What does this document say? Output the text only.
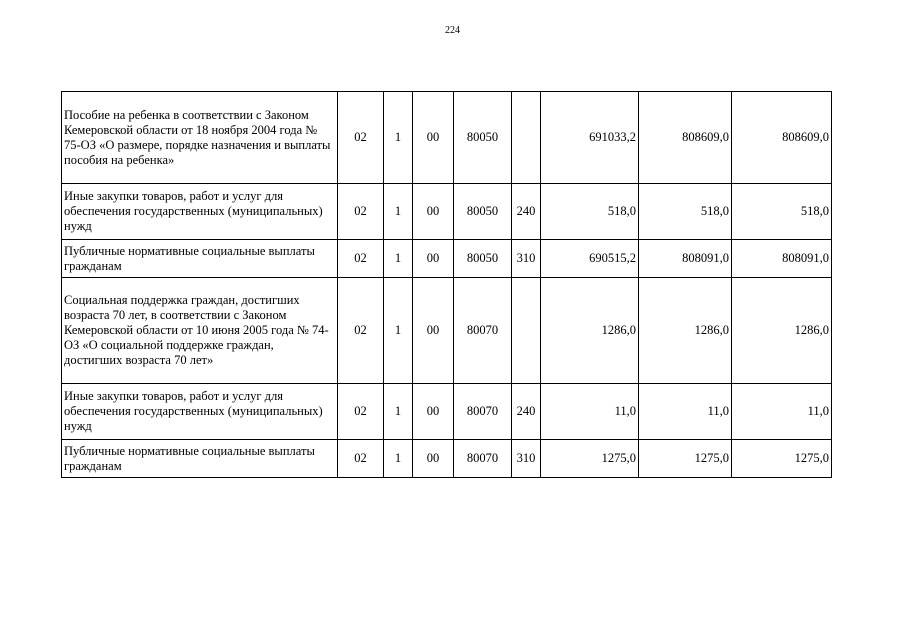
224
Пособие на ребенка в соответствии с Законом Кемеровской области от 18 ноября 2004 года № 75-ОЗ «О размере, порядке назначения и выплаты пособия на ребенка»	02	1	00	80050		691033,2	808609,0	808609,0
Иные закупки товаров, работ и услуг для обеспечения государственных (муниципальных) нужд	02	1	00	80050	240	518,0	518,0	518,0
Публичные нормативные социальные выплаты гражданам	02	1	00	80050	310	690515,2	808091,0	808091,0
Социальная поддержка граждан, достигших возраста 70 лет, в соответствии с Законом Кемеровской области от 10 июня 2005 года № 74-ОЗ «О социальной поддержке граждан, достигших возраста 70 лет»	02	1	00	80070		1286,0	1286,0	1286,0
Иные закупки товаров, работ и услуг для обеспечения государственных (муниципальных) нужд	02	1	00	80070	240	11,0	11,0	11,0
Публичные нормативные социальные выплаты гражданам	02	1	00	80070	310	1275,0	1275,0	1275,0
